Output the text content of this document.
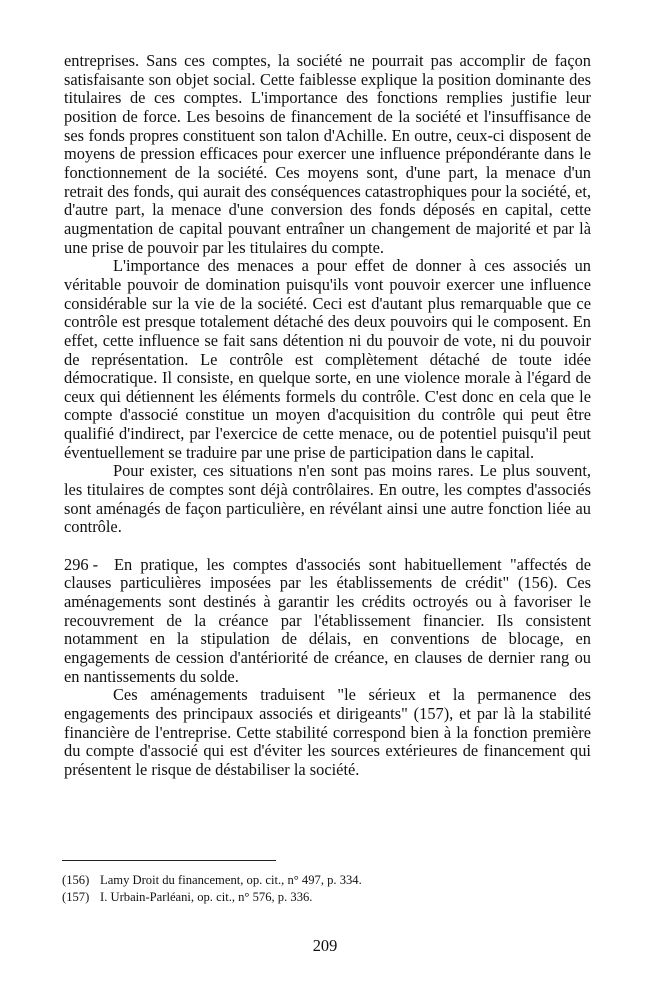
entreprises. Sans ces comptes, la société ne pourrait pas accomplir de façon satisfaisante son objet social. Cette faiblesse explique la position dominante des titulaires de ces comptes. L'importance des fonctions remplies justifie leur position de force. Les besoins de financement de la société et l'insuffisance de ses fonds propres constituent son talon d'Achille. En outre, ceux-ci disposent de moyens de pression efficaces pour exercer une influence prépondérante dans le fonctionnement de la société. Ces moyens sont, d'une part, la menace d'un retrait des fonds, qui aurait des conséquences catastrophiques pour la société, et, d'autre part, la menace d'une conversion des fonds déposés en capital, cette augmentation de capital pouvant entraîner un changement de majorité et par là une prise de pouvoir par les titulaires du compte.

L'importance des menaces a pour effet de donner à ces associés un véritable pouvoir de domination puisqu'ils vont pouvoir exercer une influence considérable sur la vie de la société. Ceci est d'autant plus remarquable que ce contrôle est presque totalement détaché des deux pouvoirs qui le composent. En effet, cette influence se fait sans détention ni du pouvoir de vote, ni du pouvoir de représentation. Le contrôle est complètement détaché de toute idée démocratique. Il consiste, en quelque sorte, en une violence morale à l'égard de ceux qui détiennent les éléments formels du contrôle. C'est donc en cela que le compte d'associé constitue un moyen d'acquisition du contrôle qui peut être qualifié d'indirect, par l'exercice de cette menace, ou de potentiel puisqu'il peut éventuellement se traduire par une prise de participation dans le capital.

Pour exister, ces situations n'en sont pas moins rares. Le plus souvent, les titulaires de comptes sont déjà contrôlaires. En outre, les comptes d'associés sont aménagés de façon particulière, en révélant ainsi une autre fonction liée au contrôle.

296 - En pratique, les comptes d'associés sont habituellement "affectés de clauses particulières imposées par les établissements de crédit" (156). Ces aménagements sont destinés à garantir les crédits octroyés ou à favoriser le recouvrement de la créance par l'établissement financier. Ils consistent notamment en la stipulation de délais, en conventions de blocage, en engagements de cession d'antériorité de créance, en clauses de dernier rang ou en nantissements du solde.

Ces aménagements traduisent "le sérieux et la permanence des engagements des principaux associés et dirigeants" (157), et par là la stabilité financière de l'entreprise. Cette stabilité correspond bien à la fonction première du compte d'associé qui est d'éviter les sources extérieures de financement qui présentent le risque de déstabiliser la société.

(156) Lamy Droit du financement, op. cit., n° 497, p. 334.
(157) I. Urbain-Parléani, op. cit., n° 576, p. 336.
209
